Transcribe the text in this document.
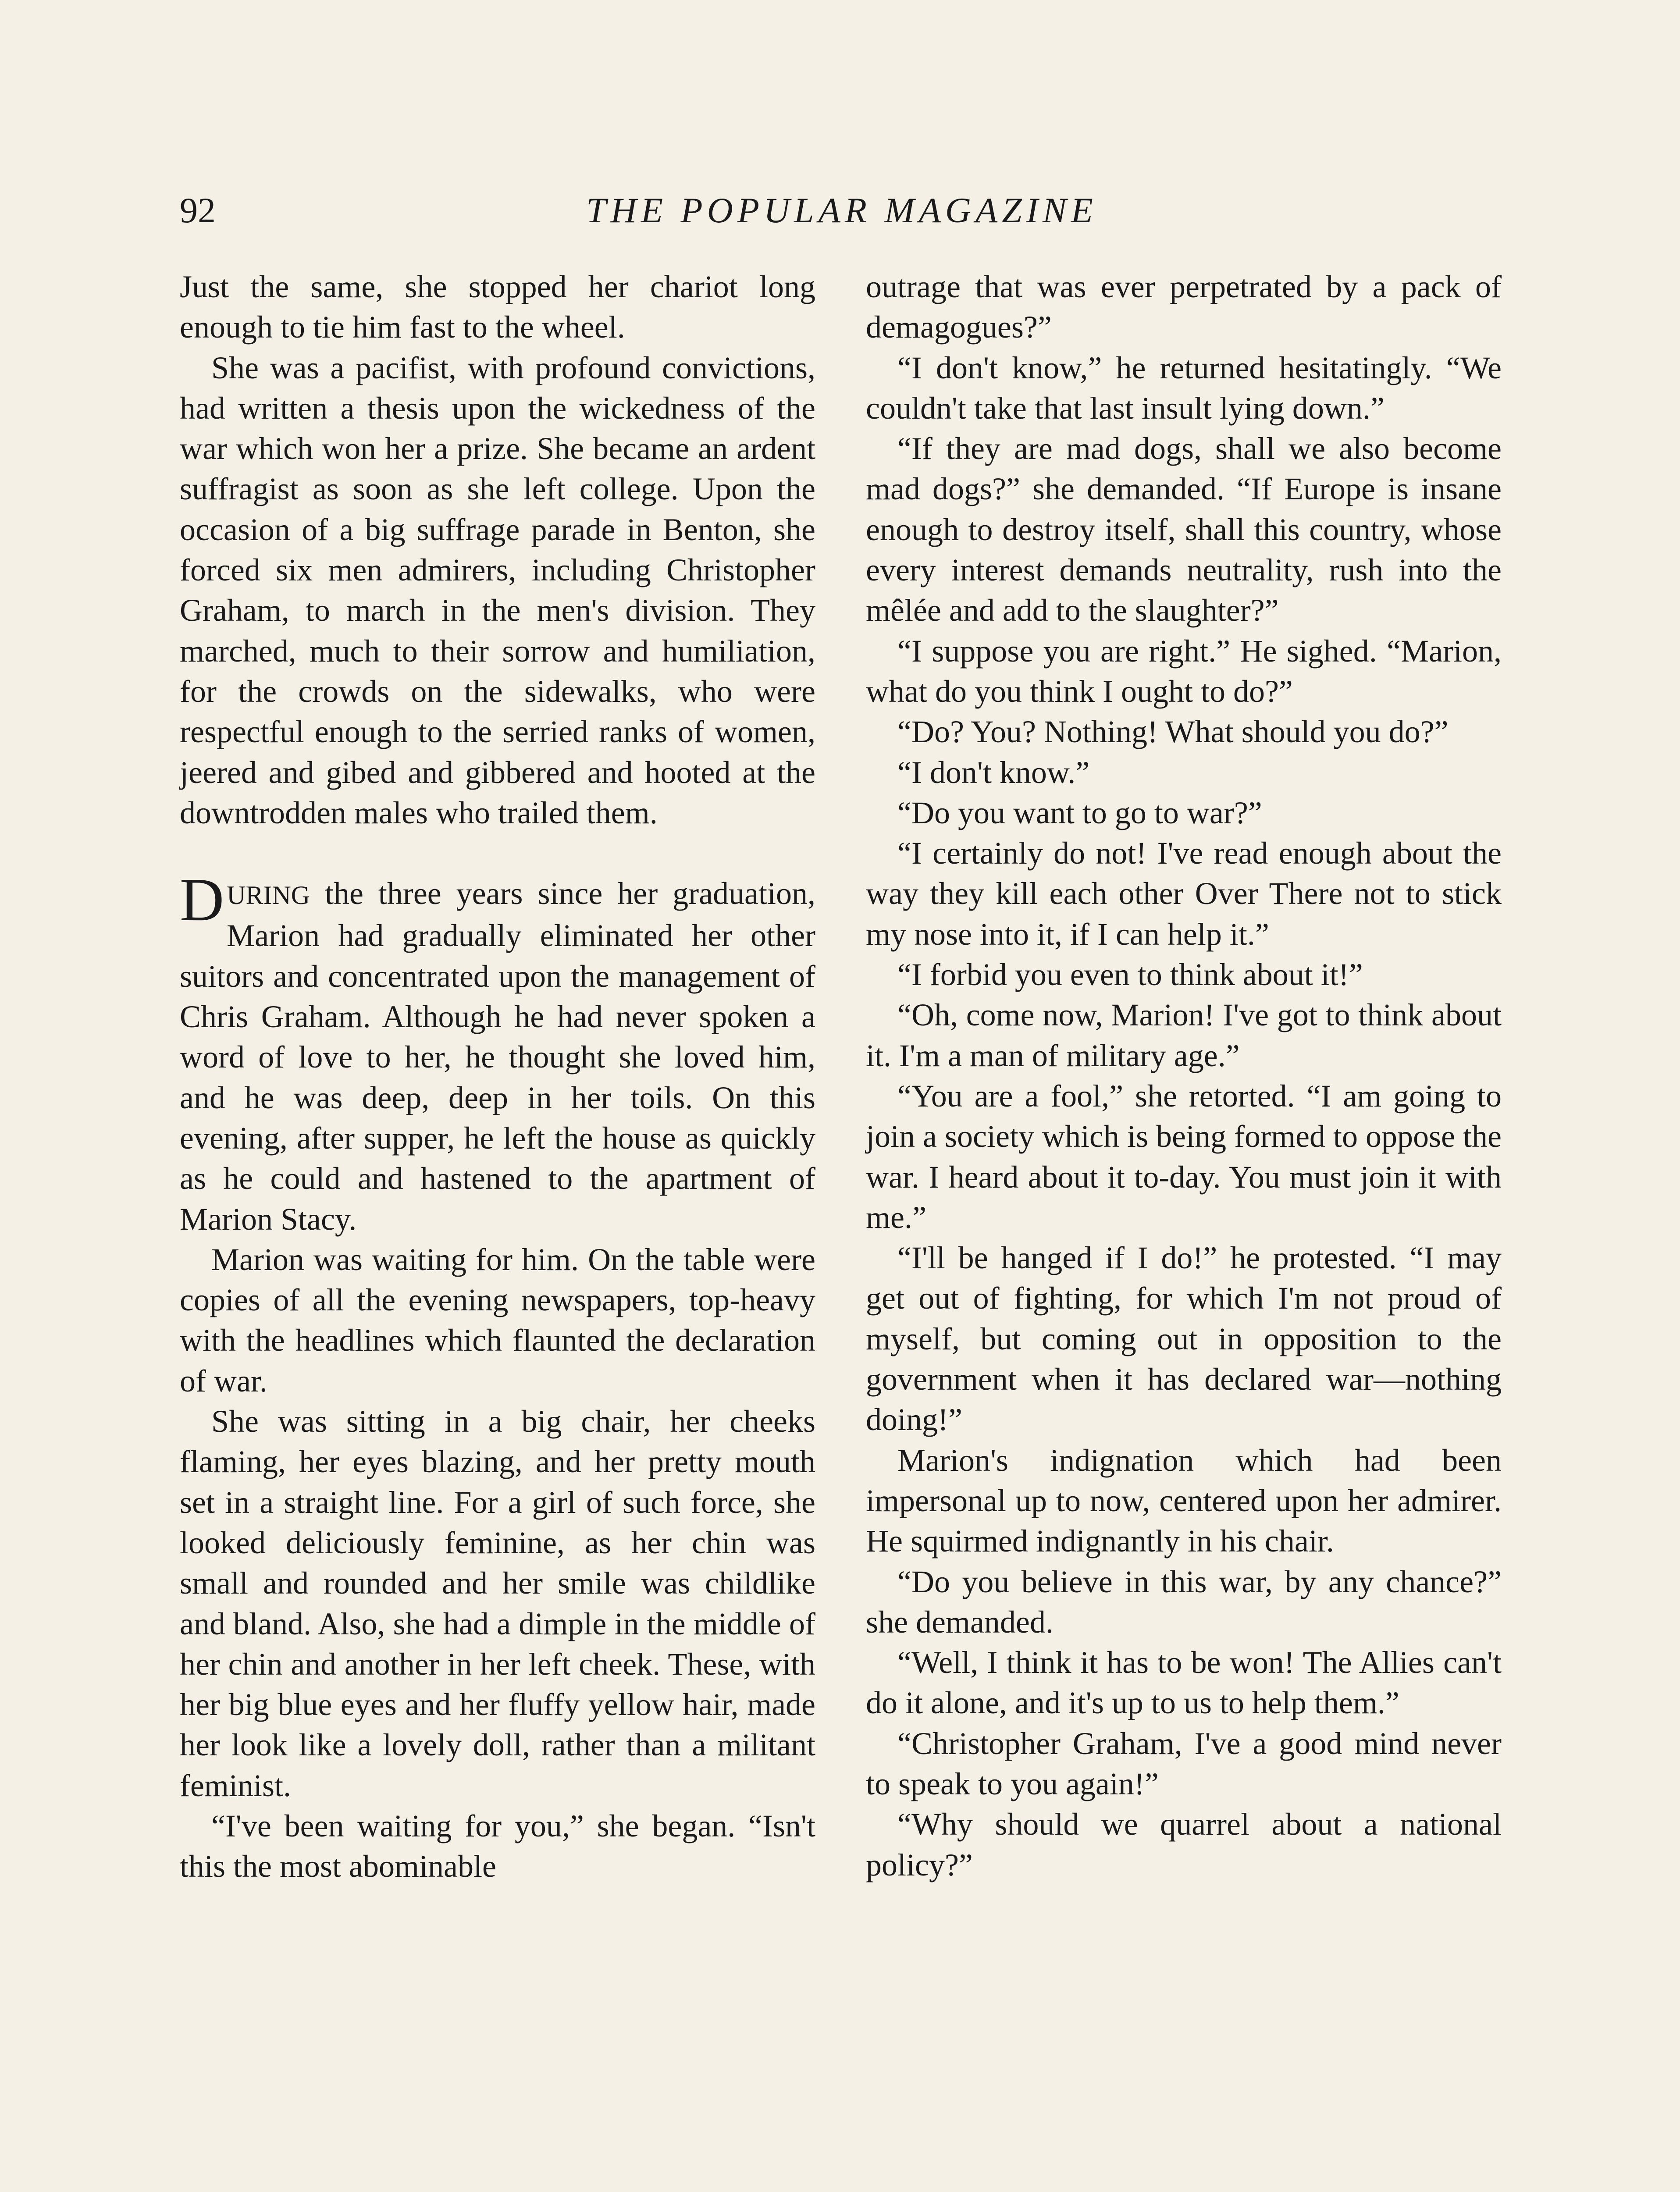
92	THE POPULAR MAGAZINE

Just the same, she stopped her chariot long enough to tie him fast to the wheel.

She was a pacifist, with profound convictions, had written a thesis upon the wickedness of the war which won her a prize. She became an ardent suffragist as soon as she left college. Upon the occasion of a big suffrage parade in Benton, she forced six men admirers, including Christopher Graham, to march in the men's division. They marched, much to their sorrow and humiliation, for the crowds on the sidewalks, who were respectful enough to the serried ranks of women, jeered and gibed and gibbered and hooted at the downtrodden males who trailed them.

DURING the three years since her graduation, Marion had gradually eliminated her other suitors and concentrated upon the management of Chris Graham. Although he had never spoken a word of love to her, he thought she loved him, and he was deep, deep in her toils. On this evening, after supper, he left the house as quickly as he could and hastened to the apartment of Marion Stacy.

Marion was waiting for him. On the table were copies of all the evening newspapers, top-heavy with the headlines which flaunted the declaration of war.

She was sitting in a big chair, her cheeks flaming, her eyes blazing, and her pretty mouth set in a straight line. For a girl of such force, she looked deliciously feminine, as her chin was small and rounded and her smile was childlike and bland. Also, she had a dimple in the middle of her chin and another in her left cheek. These, with her big blue eyes and her fluffy yellow hair, made her look like a lovely doll, rather than a militant feminist.

“I've been waiting for you,” she began. “Isn't this the most abominable

outrage that was ever perpetrated by a pack of demagogues?”

“I don't know,” he returned hesitatingly. “We couldn't take that last insult lying down.”

“If they are mad dogs, shall we also become mad dogs?” she demanded. “If Europe is insane enough to destroy itself, shall this country, whose every interest demands neutrality, rush into the mêlée and add to the slaughter?”

“I suppose you are right.” He sighed. “Marion, what do you think I ought to do?”

“Do? You? Nothing! What should you do?”

“I don't know.”

“Do you want to go to war?”

“I certainly do not! I've read enough about the way they kill each other Over There not to stick my nose into it, if I can help it.”

“I forbid you even to think about it!”

“Oh, come now, Marion! I've got to think about it. I'm a man of military age.”

“You are a fool,” she retorted. “I am going to join a society which is being formed to oppose the war. I heard about it to-day. You must join it with me.”

“I'll be hanged if I do!” he protested. “I may get out of fighting, for which I'm not proud of myself, but coming out in opposition to the government when it has declared war—nothing doing!”

Marion's indignation which had been impersonal up to now, centered upon her admirer. He squirmed indignantly in his chair.

“Do you believe in this war, by any chance?” she demanded.

“Well, I think it has to be won! The Allies can't do it alone, and it's up to us to help them.”

“Christopher Graham, I've a good mind never to speak to you again!”

“Why should we quarrel about a national policy?”
